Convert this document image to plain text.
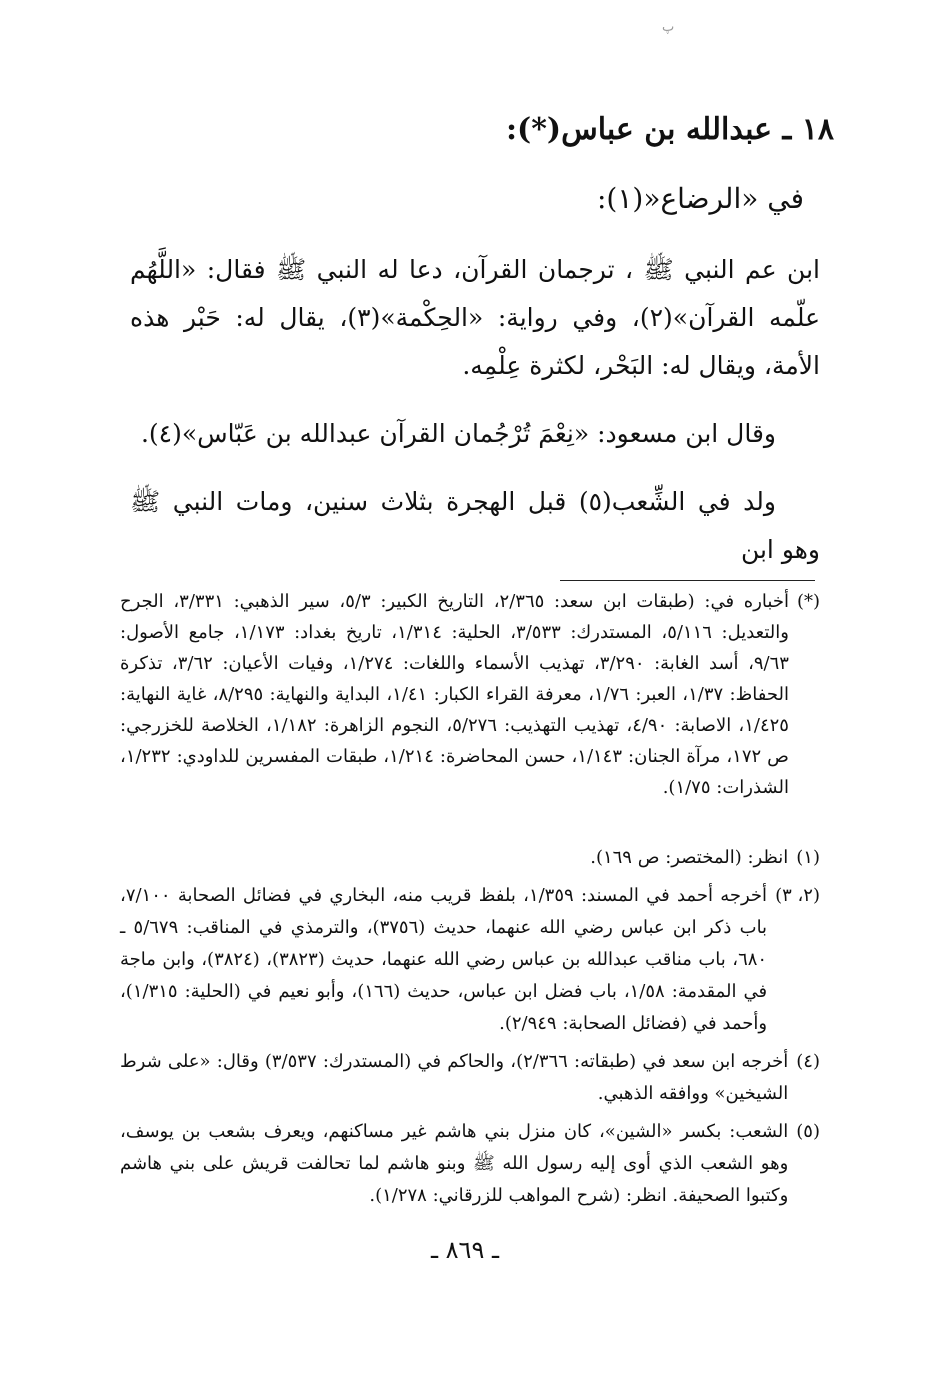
ﭖ
١٨ ـ عبدالله بن عباس(*):
في «الرضاع«(١):

ابن عم النبي ﷺ ، ترجمان القرآن، دعا له النبي ﷺ فقال: «اللَّهُم علّمه القرآن»(٢)، وفي رواية: «الحِكْمة»(٣)، يقال له: حَبْر هذه الأمة، ويقال له: البَحْر، لكثرة عِلْمِه.

وقال ابن مسعود: «نِعْمَ تُرْجُمان القرآن عبدالله بن عَبّاس»(٤).

ولد في الشِّعب(٥) قبل الهجرة بثلاث سنين، ومات النبي ﷺ وهو ابن

(*)
أخباره في: (طبقات ابن سعد: ٢/٣٦٥، التاريخ الكبير: ٥/٣، سير الذهبي: ٣/٣٣١، الجرح والتعديل: ٥/١١٦، المستدرك: ٣/٥٣٣، الحلية: ١/٣١٤، تاريخ بغداد: ١/١٧٣، جامع الأصول: ٩/٦٣، أسد الغابة: ٣/٢٩٠، تهذيب الأسماء واللغات: ١/٢٧٤، وفيات الأعيان: ٣/٦٢، تذكرة الحفاظ: ١/٣٧، العبر: ١/٧٦، معرفة القراء الكبار: ١/٤١، البداية والنهاية: ٨/٢٩٥، غاية النهاية: ١/٤٢٥، الاصابة: ٤/٩٠، تهذيب التهذيب: ٥/٢٧٦، النجوم الزاهرة: ١/١٨٢، الخلاصة للخزرجي: ص ١٧٢، مرآة الجنان: ١/١٤٣، حسن المحاضرة: ١/٢١٤، طبقات المفسرين للداودي: ١/٢٣٢، الشذرات: ١/٧٥).
(١)
انظر: (المختصر: ص ١٦٩).
(٢، ٣)
أخرجه أحمد في المسند: ١/٣٥٩، بلفظ قريب منه، البخاري في فضائل الصحابة ٧/١٠٠، باب ذكر ابن عباس رضي الله عنهما، حديث (٣٧٥٦)، والترمذي في المناقب: ٥/٦٧٩ ـ ٦٨٠، باب مناقب عبدالله بن عباس رضي الله عنهما، حديث (٣٨٢٣)، (٣٨٢٤)، وابن ماجة في المقدمة: ١/٥٨، باب فضل ابن عباس، حديث (١٦٦)، وأبو نعيم في (الحلية: ١/٣١٥)، وأحمد في (فضائل الصحابة: ٢/٩٤٩).
(٤)
أخرجه ابن سعد في (طبقاته: ٢/٣٦٦)، والحاكم في (المستدرك: ٣/٥٣٧) وقال: «على شرط الشيخين» ووافقه الذهبي.
(٥)
الشعب: بكسر «الشين»، كان منزل بني هاشم غير مساكنهم، ويعرف بشعب بن يوسف، وهو الشعب الذي أوى إليه رسول الله ﷺ وبنو هاشم لما تحالفت قريش على بني هاشم وكتبوا الصحيفة. انظر: (شرح المواهب للزرقاني: ١/٢٧٨).
ـ ٨٦٩ ـ
